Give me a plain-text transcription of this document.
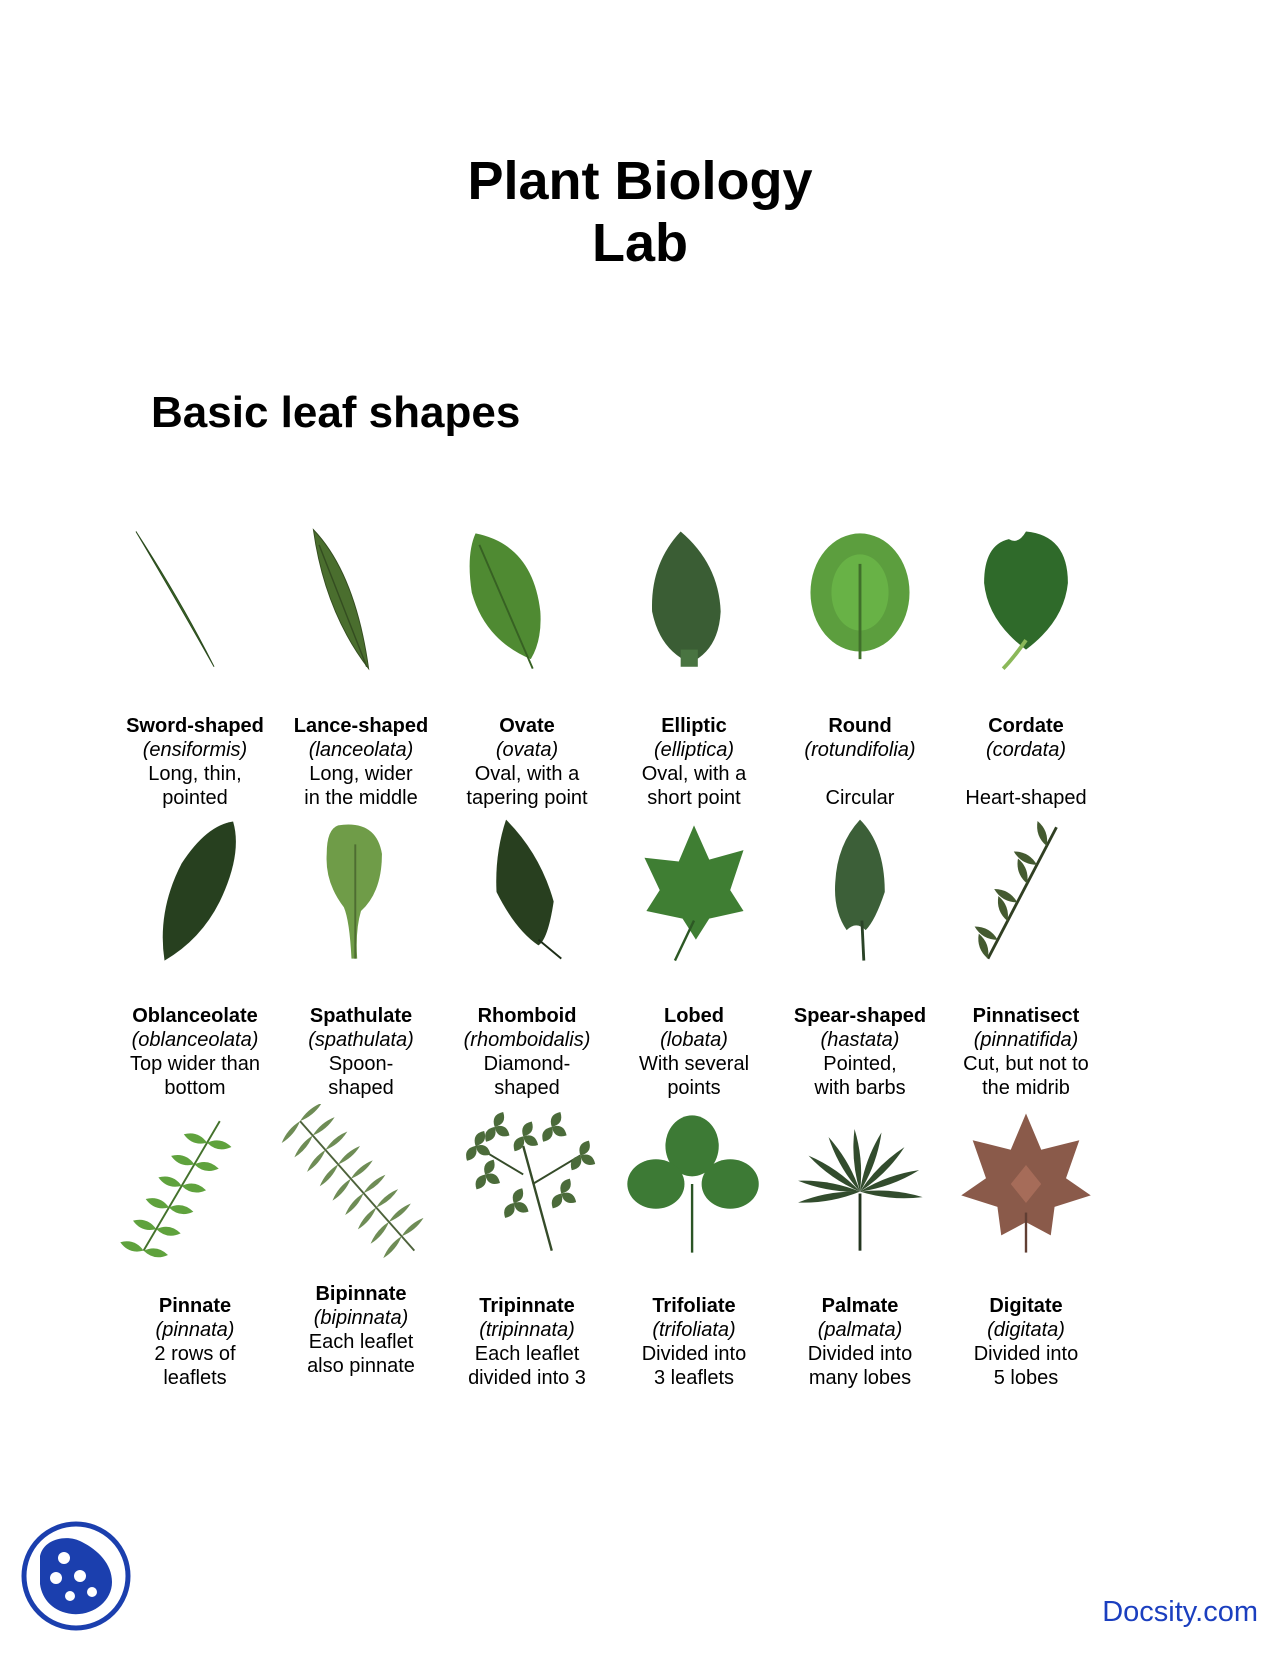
Plant Biology
Lab
Basic leaf shapes
Sword-shaped
(ensiformis)
Long, thin,
pointed
Lance-shaped
(lanceolata)
Long, wider
in the middle
Ovate
(ovata)
Oval, with a
tapering point
Elliptic
(elliptica)
Oval, with a
short point
Round
(rotundifolia)
Circular
Cordate
(cordata)
Heart-shaped
Oblanceolate
(oblanceolata)
Top wider than
bottom
Spathulate
(spathulata)
Spoon-
shaped
Rhomboid
(rhomboidalis)
Diamond-
shaped
Lobed
(lobata)
With several
points
Spear-shaped
(hastata)
Pointed,
with barbs
Pinnatisect
(pinnatifida)
Cut, but not to
the midrib
Pinnate
(pinnata)
2 rows of
leaflets
Bipinnate
(bipinnata)
Each leaflet
also pinnate
Tripinnate
(tripinnata)
Each leaflet
divided into 3
Trifoliate
(trifoliata)
Divided into
3 leaflets
Palmate
(palmata)
Divided into
many lobes
Digitate
(digitata)
Divided into
5 lobes
Docsity.com
